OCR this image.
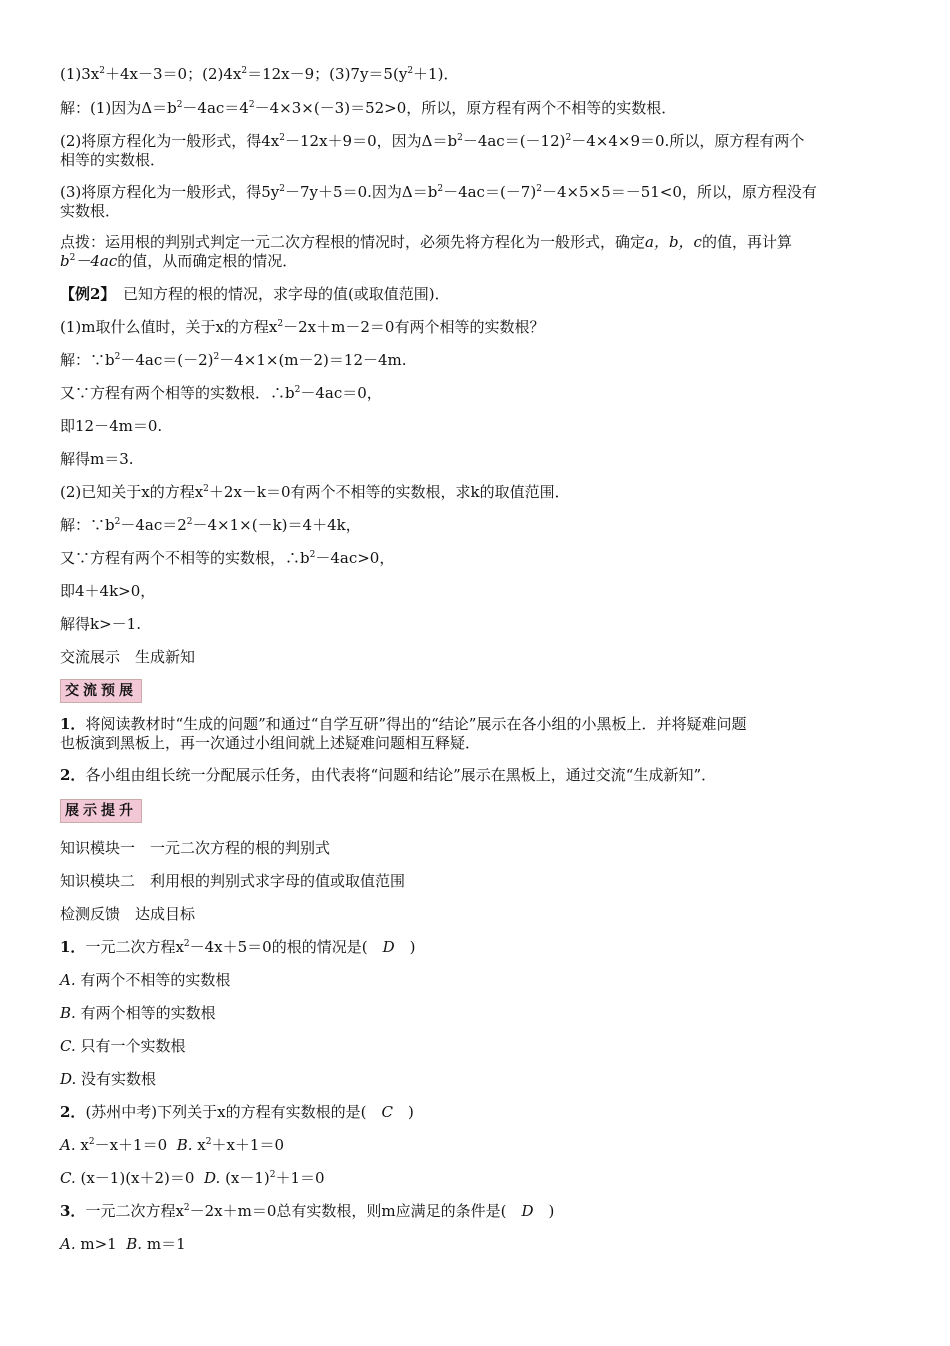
$(1)3x^2+4x-3=0$；$(2)4x^2=12x-9$；$(3)7y=5(y^2+1)$．
解：(1)因为$\Delta=b^2-4ac=4^2-4\times 3\times(-3)=52>0$，所以，原方程有两个不相等的实数根．
(2)将原方程化为一般形式，得$4x^2-12x+9=0$，因为$\Delta=b^2-4ac=(-12)^2-4\times 4\times 9=0$.所以，原方程有两个
相等的实数根．
(3)将原方程化为一般形式，得$5y^2-7y+5=0$.因为$\Delta=b^2-4ac=(-7)^2-4\times 5\times 5=-51<0$，所以，原方程没有
实数根．
点拨：运用根的判别式判定一元二次方程根的情况时，必须先将方程化为一般形式，确定a，b，c的值，再计算
$b^2-4ac$的值，从而确定根的情况．
【例2】　已知方程的根的情况，求字母的值(或取值范围)．
(1)m取什么值时，关于x的方程$x^2-2x+m-2=0$有两个相等的实数根？
解：$\because b^2-4ac=(-2)^2-4\times 1\times(m-2)=12-4m$.
又∵方程有两个相等的实数根．$\therefore b^2-4ac=0$，
即12－4m＝0.
解得m＝3.
(2)已知关于x的方程$x^2+2x-k=0$有两个不相等的实数根，求k的取值范围．
解：$\because b^2-4ac=2^2-4\times 1\times(-k)=4+4k$，
又∵方程有两个不相等的实数根，$\therefore b^2-4ac>0$，
即4＋4k>0，
解得k>－1.
交流展示　生成新知
交流预展
1．将阅读教材时“生成的问题”和通过“自学互研”得出的“结论”展示在各小组的小黑板上．并将疑难问题
也板演到黑板上，再一次通过小组间就上述疑难问题相互释疑．
2．各小组由组长统一分配展示任务，由代表将“问题和结论”展示在黑板上，通过交流“生成新知”．
展示提升
知识模块一　一元二次方程的根的判别式
知识模块二　利用根的判别式求字母的值或取值范围
检测反馈　达成目标
1．一元二次方程$x^2-4x+5=0$的根的情况是(　D　)
A. 有两个不相等的实数根
B. 有两个相等的实数根
C. 只有一个实数根
D. 没有实数根
2．(苏州中考)下列关于x的方程有实数根的是(　C　)
A. $x^2-x+1=0$ B. $x^2+x+1=0$
C. (x－1)(x＋2)＝0 D. $(x-1)^2+1=0$
3．一元二次方程$x^2-2x+m=0$总有实数根，则m应满足的条件是(　D　)
A. m>1 B. m＝1
